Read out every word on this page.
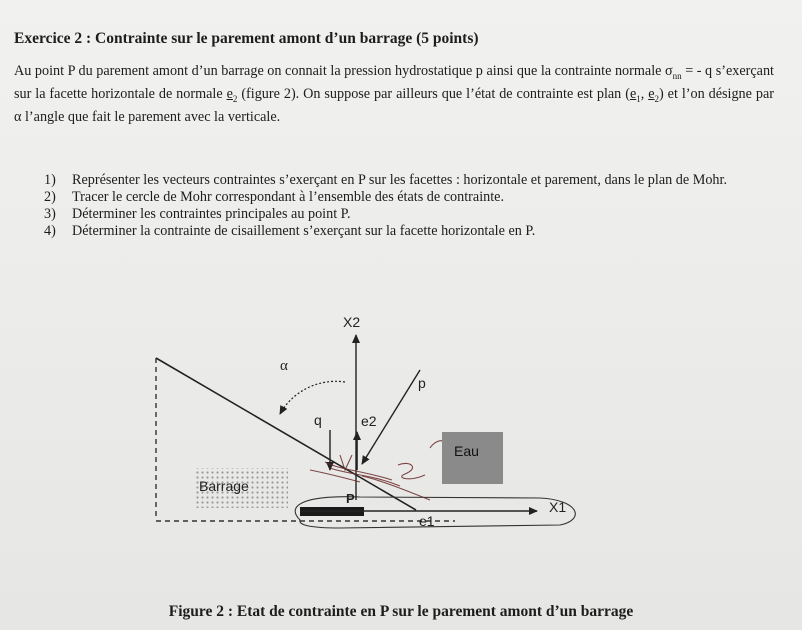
Exercice 2 : Contrainte sur le parement amont d’un barrage (5 points)
Au point P du parement amont d’un barrage on connait la pression hydrostatique p ainsi que la contrainte normale $\sigma_{nn}$ = - q s’exerçant sur la facette horizontale de normale $e_2$ (figure 2). On suppose par ailleurs que l’état de contrainte est plan ($e_1$, $e_2$) et l’on désigne par α l’angle que fait le parement avec la verticale.
1)	Représenter les vecteurs contraintes s’exerçant en P sur les facettes : horizontale et parement, dans le plan de Mohr.
2)	Tracer le cercle de Mohr correspondant à l’ensemble des états de contrainte.
3)	Déterminer les contraintes principales au point P.
4)	Déterminer la contrainte de cisaillement s’exerçant sur la facette horizontale en P.
Barrage
X1
X2
e2
e1
P
q
p
α
Eau
Figure 2 : Etat de contrainte en P sur le parement amont d’un barrage
